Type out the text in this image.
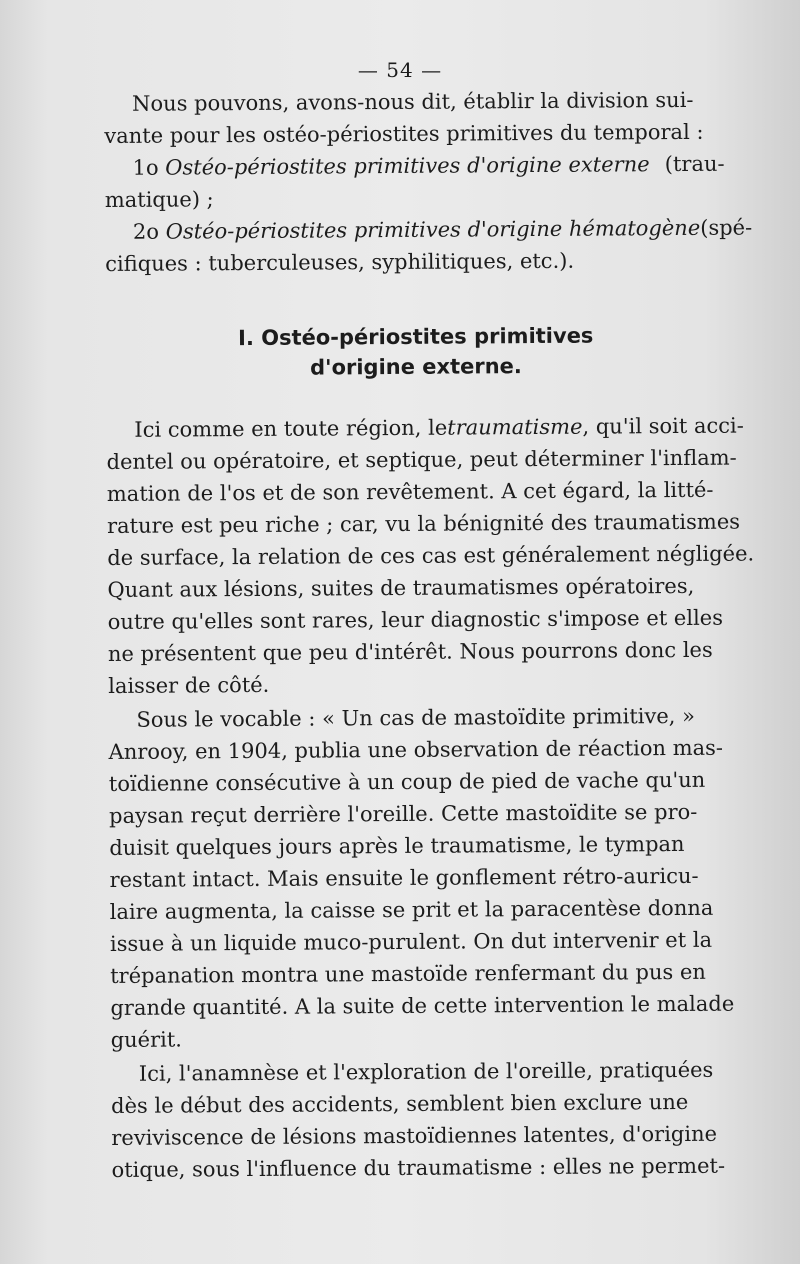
— 54 —
Nous pouvons, avons-nous dit, établir la division sui-
vante pour les ostéo-périostites primitives du temporal :
1o Ostéo-périostites primitives d'origine externe (trau-
matique) ;
2o Ostéo-périostites primitives d'origine hématogène (spé-
cifiques : tuberculeuses, syphilitiques, etc.).
I. Ostéo-périostites primitives
d'origine externe.
Ici comme en toute région, le traumatisme , qu'il soit acci-
dentel ou opératoire, et septique, peut déterminer l'inflam-
mation de l'os et de son revêtement. A cet égard, la litté-
rature est peu riche ; car, vu la bénignité des traumatismes
de surface, la relation de ces cas est généralement négligée.
Quant aux lésions, suites de traumatismes opératoires,
outre qu'elles sont rares, leur diagnostic s'impose et elles
ne présentent que peu d'intérêt. Nous pourrons donc les
laisser de côté.
Sous le vocable : « Un cas de mastoïdite primitive, »
Anrooy, en 1904, publia une observation de réaction mas-
toïdienne consécutive à un coup de pied de vache qu'un
paysan reçut derrière l'oreille. Cette mastoïdite se pro-
duisit quelques jours après le traumatisme, le tympan
restant intact. Mais ensuite le gonflement rétro-auricu-
laire augmenta, la caisse se prit et la paracentèse donna
issue à un liquide muco-purulent. On dut intervenir et la
trépanation montra une mastoïde renfermant du pus en
grande quantité. A la suite de cette intervention le malade
guérit.
Ici, l'anamnèse et l'exploration de l'oreille, pratiquées
dès le début des accidents, semblent bien exclure une
reviviscence de lésions mastoïdiennes latentes, d'origine
otique, sous l'influence du traumatisme : elles ne permet-
